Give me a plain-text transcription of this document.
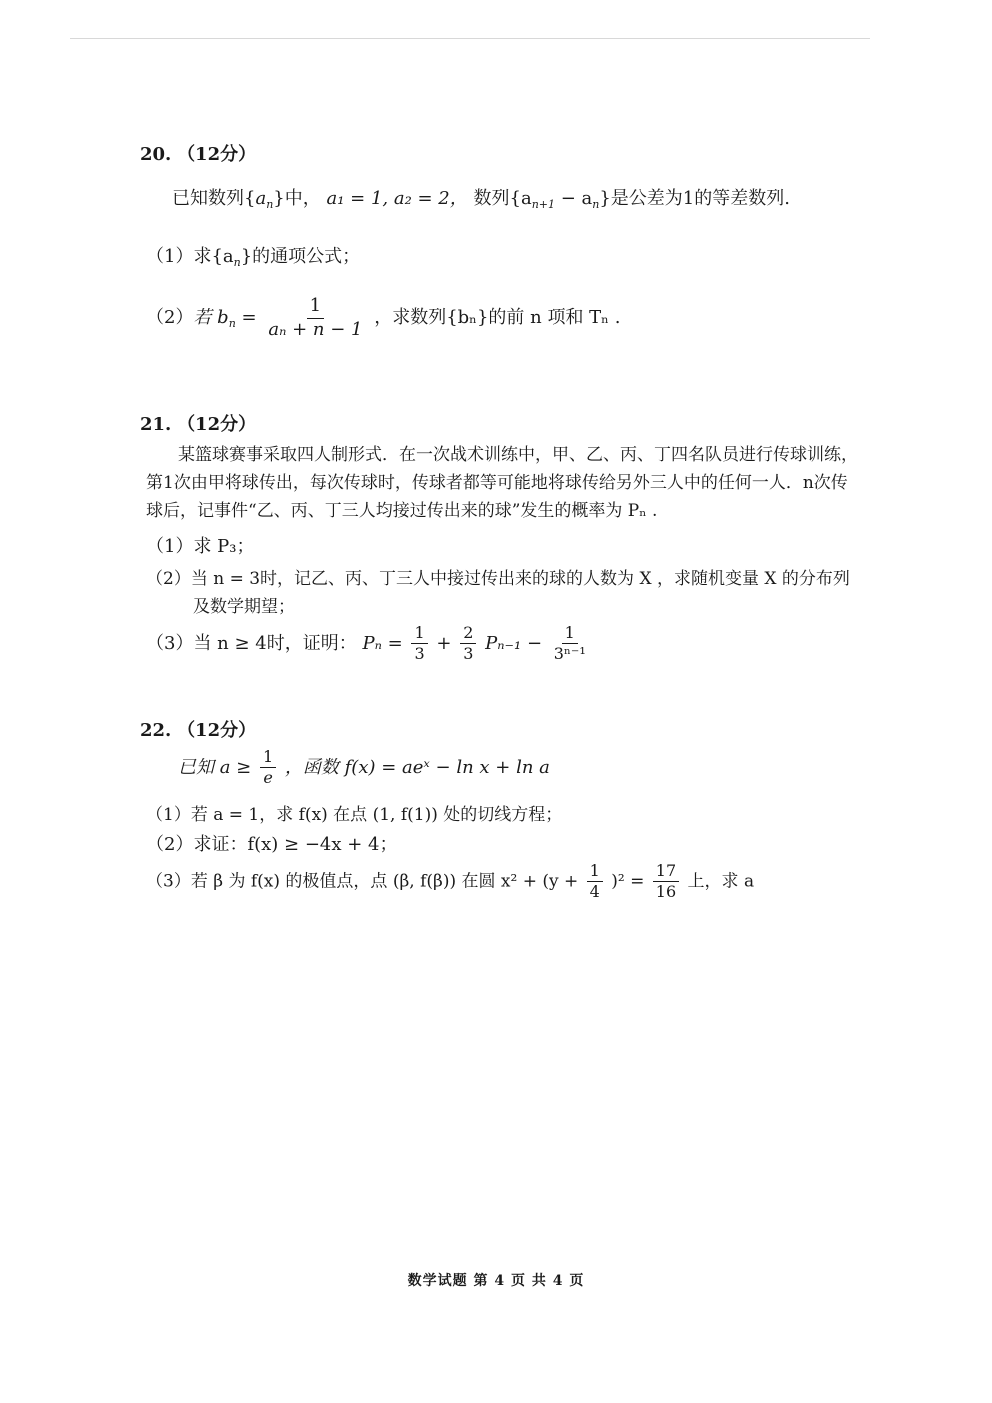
20. （12分）
已知数列$\{a_n\}$中， a₁ = 1, a₂ = 2， 数列$\{a_{n+1} - a_n\}$是公差为1的等差数列.
（1）求$\{a_n\}$的通项公式；
（2）若 $b_n = \frac{1}{\text{aₙ + n − 1}}$ ，求数列{bₙ}的前 n 项和 Tₙ .
21. （12分）
某篮球赛事采取四人制形式．在一次战术训练中，甲、乙、丙、丁四名队员进行传球训练，
第1次由甲将球传出，每次传球时，传球者都等可能地将球传给另外三人中的任何一人．n次传
球后，记事件“乙、丙、丁三人均接过传出来的球”发生的概率为 Pₙ .
（1）求 P₃；
（2）当 n = 3时，记乙、丙、丁三人中接过传出来的球的人数为 X ，求随机变量 X 的分布列
及数学期望；
（3）当 n ≥ 4时，证明： $P_n = \frac{1}{3} + \frac{2}{3} P_{n-1} - \frac{1}{\text{3ⁿ⁻¹}}$
22. （12分）
已知 $a \ge \frac{1}{e}$ ，函数 f(x) = aeˣ − ln x + ln a
（1）若 a = 1，求 f(x) 在点 (1, f(1)) 处的切线方程；
（2）求证：f(x) ≥ −4x + 4；
（3）若 β 为 f(x) 的极值点，点 (β, f(β)) 在圆 $x^2 + (y + \frac{1}{4} )^2 = \frac{17}{16}$ 上，求 a
数学试题 第 4 页 共 4 页
